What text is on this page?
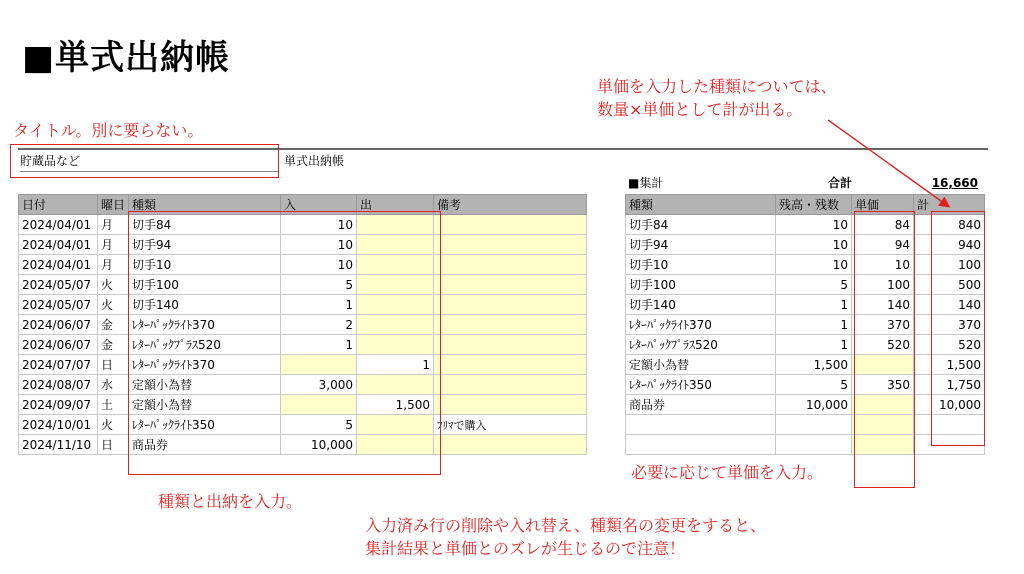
■単式出納帳
タイトル。別に要らない。
単価を入力した種類については、
数量×単価として計が出る。
種類と出納を入力。
必要に応じて単価を入力。
入力済み行の削除や入れ替え、種類名の変更をすると、
集計結果と単価とのズレが生じるので注意！
貯蔵品など	単式出納帳
■集計	合計	16,660
日付	曜日	種類	入	出	備考
2024/04/01	月	切手84	10		
2024/04/01	月	切手94	10		
2024/04/01	月	切手10	10		
2024/05/07	火	切手100	5		
2024/05/07	火	切手140	1		
2024/06/07	金	ﾚﾀｰﾊﾟｯｸﾗｲﾄ370	2		
2024/06/07	金	ﾚﾀｰﾊﾟｯｸﾌﾟﾗｽ520	1		
2024/07/07	日	ﾚﾀｰﾊﾟｯｸﾗｲﾄ370		1	
2024/08/07	水	定額小為替	3,000		
2024/09/07	土	定額小為替		1,500	
2024/10/01	火	ﾚﾀｰﾊﾟｯｸﾗｲﾄ350	5		ﾌﾘﾏで購入
2024/11/10	日	商品券	10,000		
種類	残高・残数	単価	計
切手84	10	84	840
切手94	10	94	940
切手10	10	10	100
切手100	5	100	500
切手140	1	140	140
ﾚﾀｰﾊﾟｯｸﾗｲﾄ370	1	370	370
ﾚﾀｰﾊﾟｯｸﾌﾟﾗｽ520	1	520	520
定額小為替	1,500		1,500
ﾚﾀｰﾊﾟｯｸﾗｲﾄ350	5	350	1,750
商品券	10,000		10,000
